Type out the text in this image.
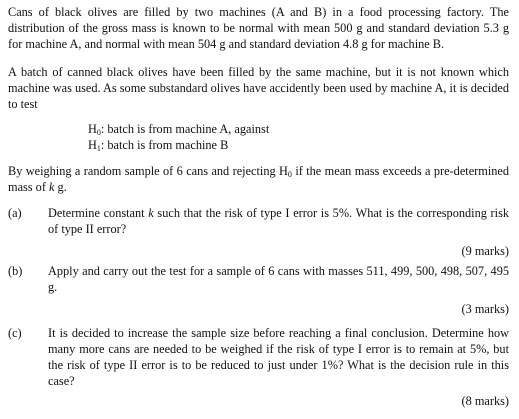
Cans of black olives are filled by two machines (A and B) in a food processing factory. The distribution of the gross mass is known to be normal with mean 500 g and standard deviation 5.3 g for machine A, and normal with mean 504 g and standard deviation 4.8 g for machine B.

A batch of canned black olives have been filled by the same machine, but it is not known which machine was used. As some substandard olives have accidently been used by machine A, it is decided to test

$H_0$: batch is from machine A, against
$H_1$: batch is from machine B

By weighing a random sample of 6 cans and rejecting $H_0$ if the mean mass exceeds a pre-determined mass of k g.

(a) Determine constant k such that the risk of type I error is 5%. What is the corresponding risk of type II error?
(9 marks)
(b) Apply and carry out the test for a sample of 6 cans with masses 511, 499, 500, 498, 507, 495 g.
(3 marks)
(c) It is decided to increase the sample size before reaching a final conclusion. Determine how many more cans are needed to be weighed if the risk of type I error is to remain at 5%, but the risk of type II error is to be reduced to just under 1%? What is the decision rule in this case?
(8 marks)
